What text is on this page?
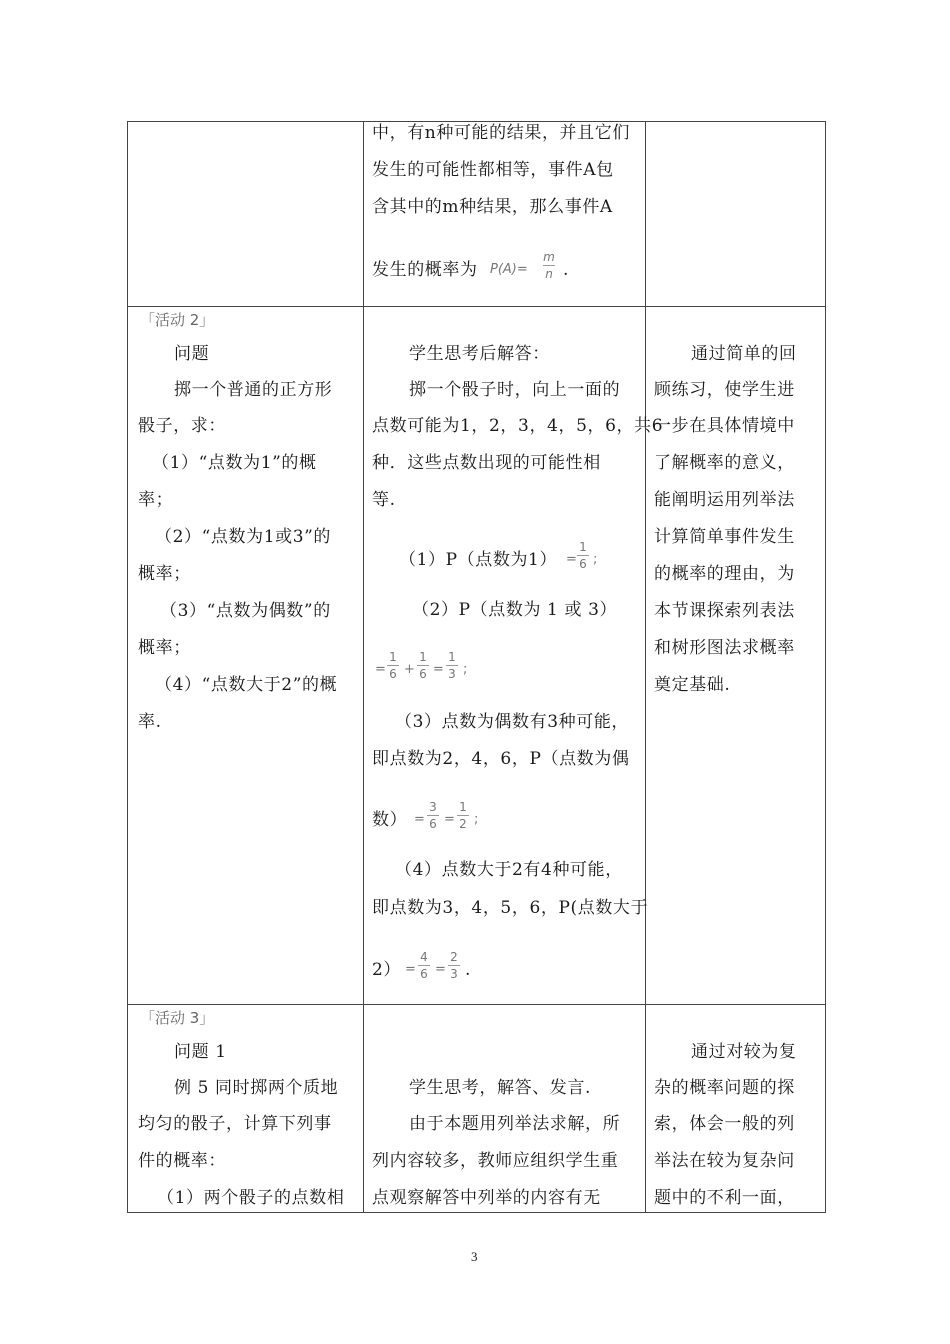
中，有n种可能的结果，并且它们
发生的可能性都相等，事件A包
含其中的m种结果，那么事件A
发生的概率为 P(A)=
m
n .
「活动 2」
问题
掷一个普通的正方形
骰子，求：
（1）“点数为1”的概
率；
（2）“点数为1或3”的
概率；
（3）“点数为偶数”的
概率；
（4）“点数大于2”的概
率.
学生思考后解答：
掷一个骰子时，向上一面的
点数可能为1，2，3，4，5，6，共6
种．这些点数出现的可能性相
等.
（1）P（点数为1） =
1
6 ;
（2）P（点数为 1 或 3）
=
1
6 +
1
6 =
1
3 ;
（3）点数为偶数有3种可能，
即点数为2，4，6，P（点数为偶
数） =
3
6 =
1
2 ;
（4）点数大于2有4种可能，
即点数为3，4，5，6，P(点数大于
2） =
4
6 =
2
3 .
通过简单的回
顾练习，使学生进
一步在具体情境中
了解概率的意义，
能阐明运用列举法
计算简单事件发生
的概率的理由，为
本节课探索列表法
和树形图法求概率
奠定基础.
「活动 3」
问题 1
例 5 同时掷两个质地
均匀的骰子，计算下列事
件的概率：
（1）两个骰子的点数相
学生思考，解答、发言.
由于本题用列举法求解，所
列内容较多，教师应组织学生重
点观察解答中列举的内容有无
通过对较为复
杂的概率问题的探
索，体会一般的列
举法在较为复杂问
题中的不利一面，
3
